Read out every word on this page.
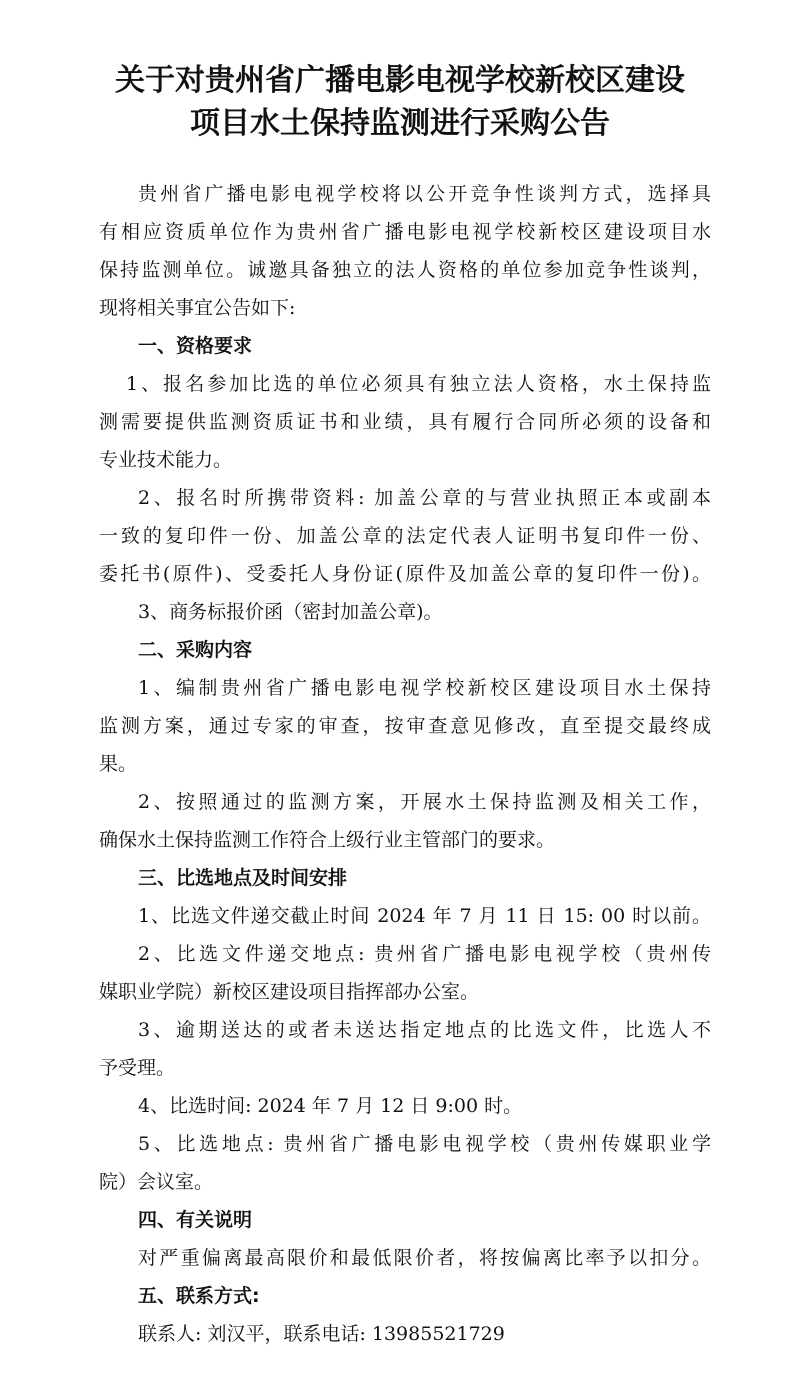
关于对贵州省广播电影电视学校新校区建设
项目水土保持监测进行采购公告
贵州省广播电影电视学校将以公开竞争性谈判方式，选择具
有相应资质单位作为贵州省广播电影电视学校新校区建设项目水
保持监测单位。诚邀具备独立的法人资格的单位参加竞争性谈判，
现将相关事宜公告如下:
一、资格要求
1、报名参加比选的单位必须具有独立法人资格，水土保持监
测需要提供监测资质证书和业绩，具有履行合同所必须的设备和
专业技术能力。
2、报名时所携带资料: 加盖公章的与营业执照正本或副本
一致的复印件一份、加盖公章的法定代表人证明书复印件一份、
委托书(原件)、受委托人身份证(原件及加盖公章的复印件一份)。
3、商务标报价函（密封加盖公章)。
二、采购内容
1、编制贵州省广播电影电视学校新校区建设项目水土保持
监测方案，通过专家的审查，按审查意见修改，直至提交最终成
果。
2、按照通过的监测方案，开展水土保持监测及相关工作，
确保水土保持监测工作符合上级行业主管部门的要求。
三、比选地点及时间安排
1、比选文件递交截止时间 2024 年 7 月 11 日 15: 00 时以前。
2、比选文件递交地点: 贵州省广播电影电视学校（贵州传
媒职业学院）新校区建设项目指挥部办公室。
3、逾期送达的或者未送达指定地点的比选文件，比选人不
予受理。
4、比选时间: 2024 年 7 月 12 日 9:00 时。
5、比选地点: 贵州省广播电影电视学校（贵州传媒职业学
院）会议室。
四、有关说明
对严重偏离最高限价和最低限价者，将按偏离比率予以扣分。
五、联系方式:
联系人: 刘汉平，联系电话: 13985521729
